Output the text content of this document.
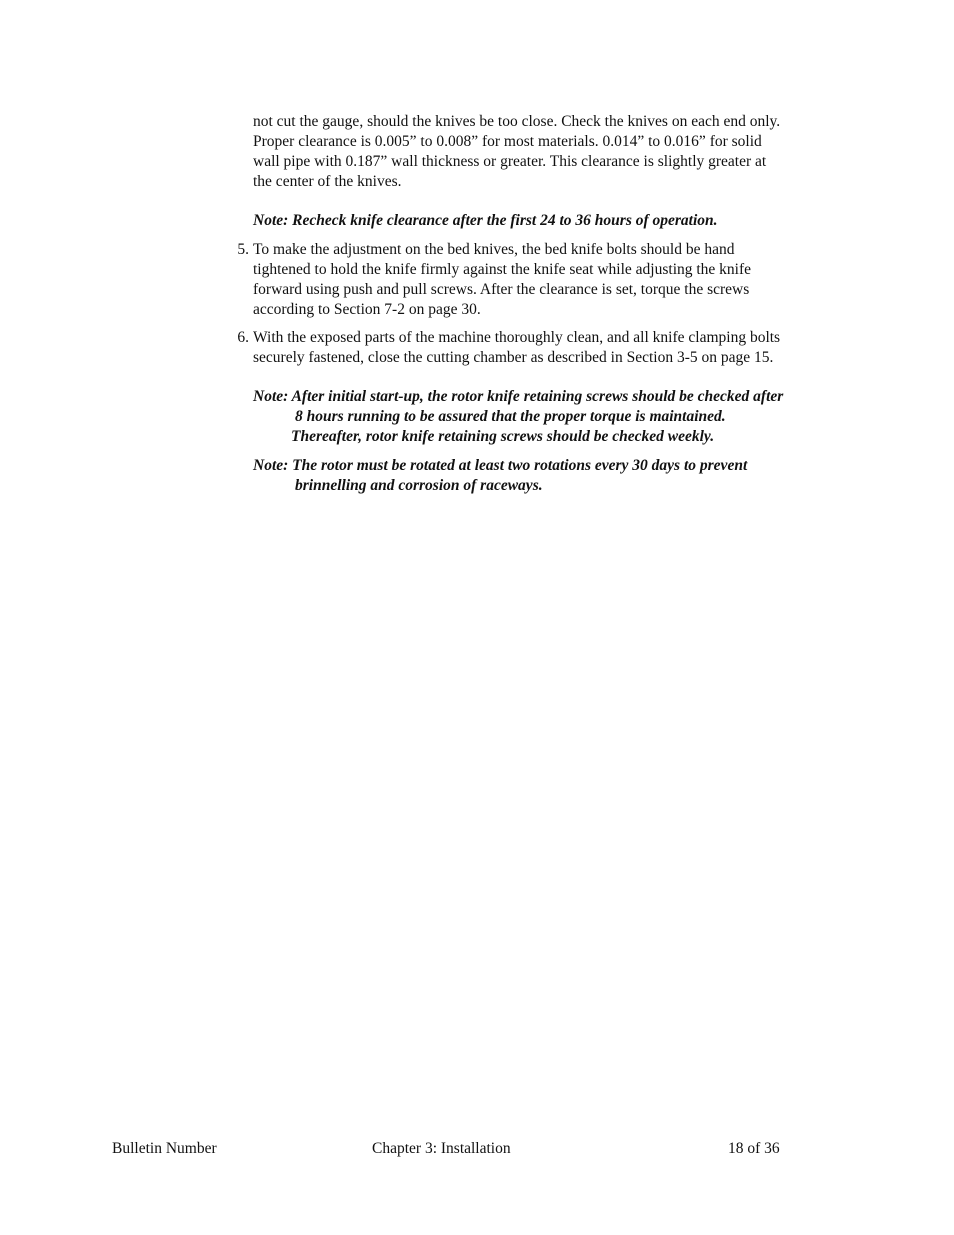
not cut the gauge, should the knives be too close. Check the knives on each end only.
Proper clearance is 0.005” to 0.008” for most materials. 0.014” to 0.016” for solid
wall pipe with 0.187” wall thickness or greater. This clearance is slightly greater at
the center of the knives.
Note: Recheck knife clearance after the first 24 to 36 hours of operation.
5. To make the adjustment on the bed knives, the bed knife bolts should be hand
tightened to hold the knife firmly against the knife seat while adjusting the knife
forward using push and pull screws. After the clearance is set, torque the screws
according to Section 7-2 on page 30.
6. With the exposed parts of the machine thoroughly clean, and all knife clamping bolts
securely fastened, close the cutting chamber as described in Section 3-5 on page 15.
Note: After initial start-up, the rotor knife retaining screws should be checked after
8 hours running to be assured that the proper torque is maintained.
Thereafter, rotor knife retaining screws should be checked weekly.
Note: The rotor must be rotated at least two rotations every 30 days to prevent
brinnelling and corrosion of raceways.
Bulletin Number	Chapter 3: Installation	18 of 36
